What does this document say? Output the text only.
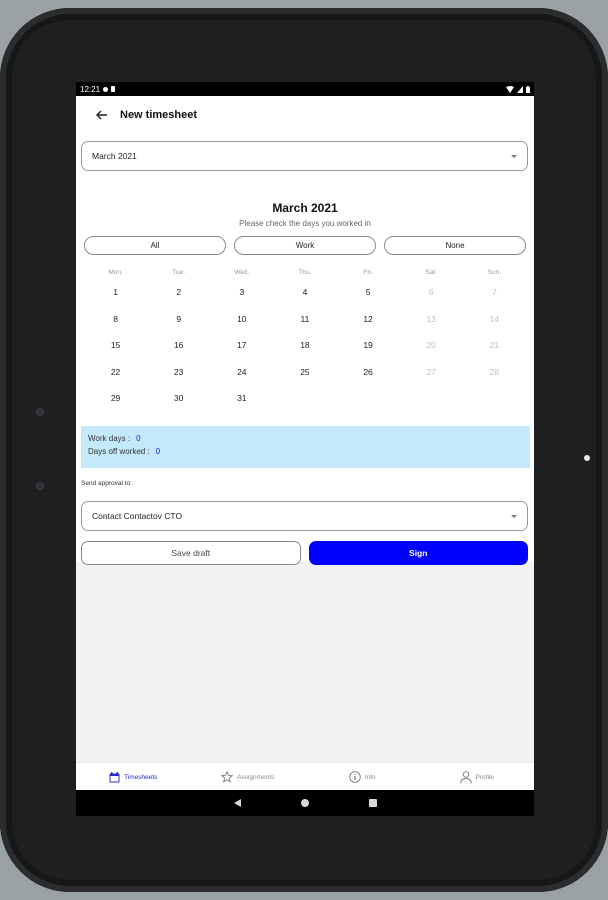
12:21
New timesheet
March 2021
March 2021
Please check the days you worked in
All	Work	None
Mon.	Tue.	Wed.	Thu.	Fri.	Sat.	Sun.
1	2	3	4	5	6	7
8	9	10	11	12	13	14
15	16	17	18	19	20	21
22	23	24	25	26	27	28
29	30	31
Work days : 0
Days off worked : 0
Send approval to:
Contact Contactov CTO
Save draft	Sign
Timesheets	Assignments	Info	Profile
